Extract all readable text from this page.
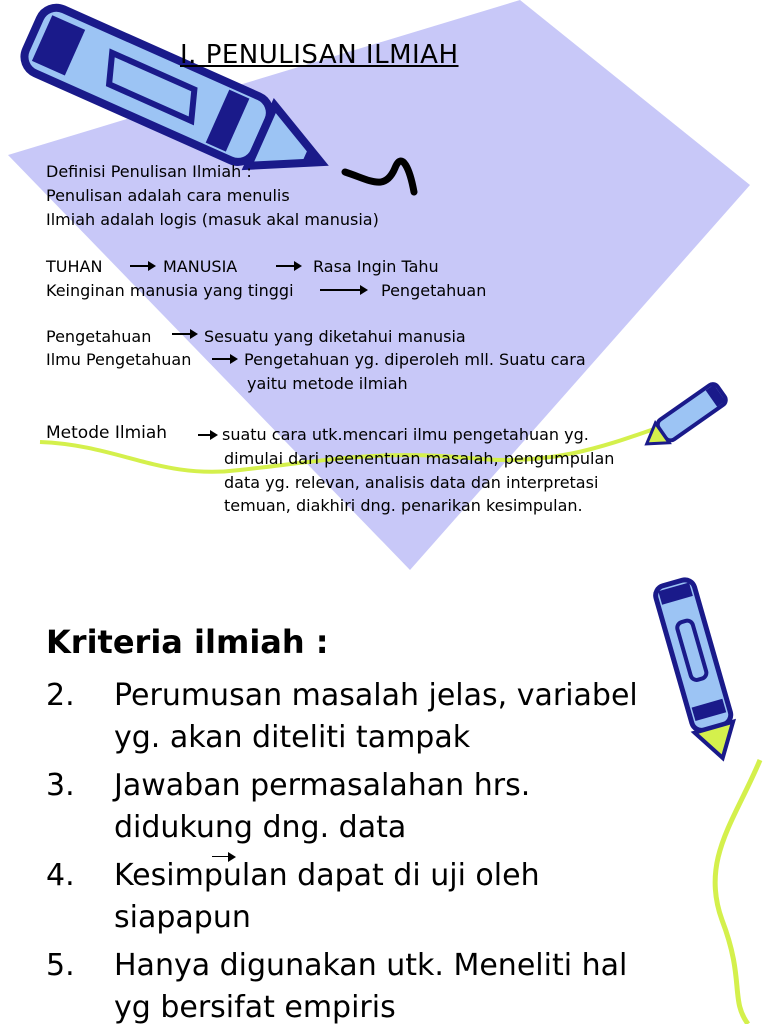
I. PENULISAN ILMIAH
Definisi Penulisan Ilmiah :
Penulisan adalah cara menulis
Ilmiah adalah logis (masuk akal manusia)
TUHAN	MANUSIA	Rasa Ingin Tahu
Keinginan manusia yang tinggi	Pengetahuan
Pengetahuan	Sesuatu yang diketahui manusia
Ilmu Pengetahuan	Pengetahuan yg. diperoleh mll. Suatu cara
yaitu metode ilmiah
Metode Ilmiah	suatu cara utk.mencari ilmu pengetahuan yg.
dimulai dari peenentuan masalah, pengumpulan
data yg. relevan, analisis data dan interpretasi
temuan, diakhiri dng. penarikan kesimpulan.
Kriteria ilmiah :
2. Perumusan masalah jelas, variabel
yg. akan diteliti tampak
3. Jawaban permasalahan hrs.
didukung dng. data
4. Kesimpulan dapat di uji oleh
siapapun
5. Hanya digunakan utk. Meneliti hal
yg bersifat empiris
